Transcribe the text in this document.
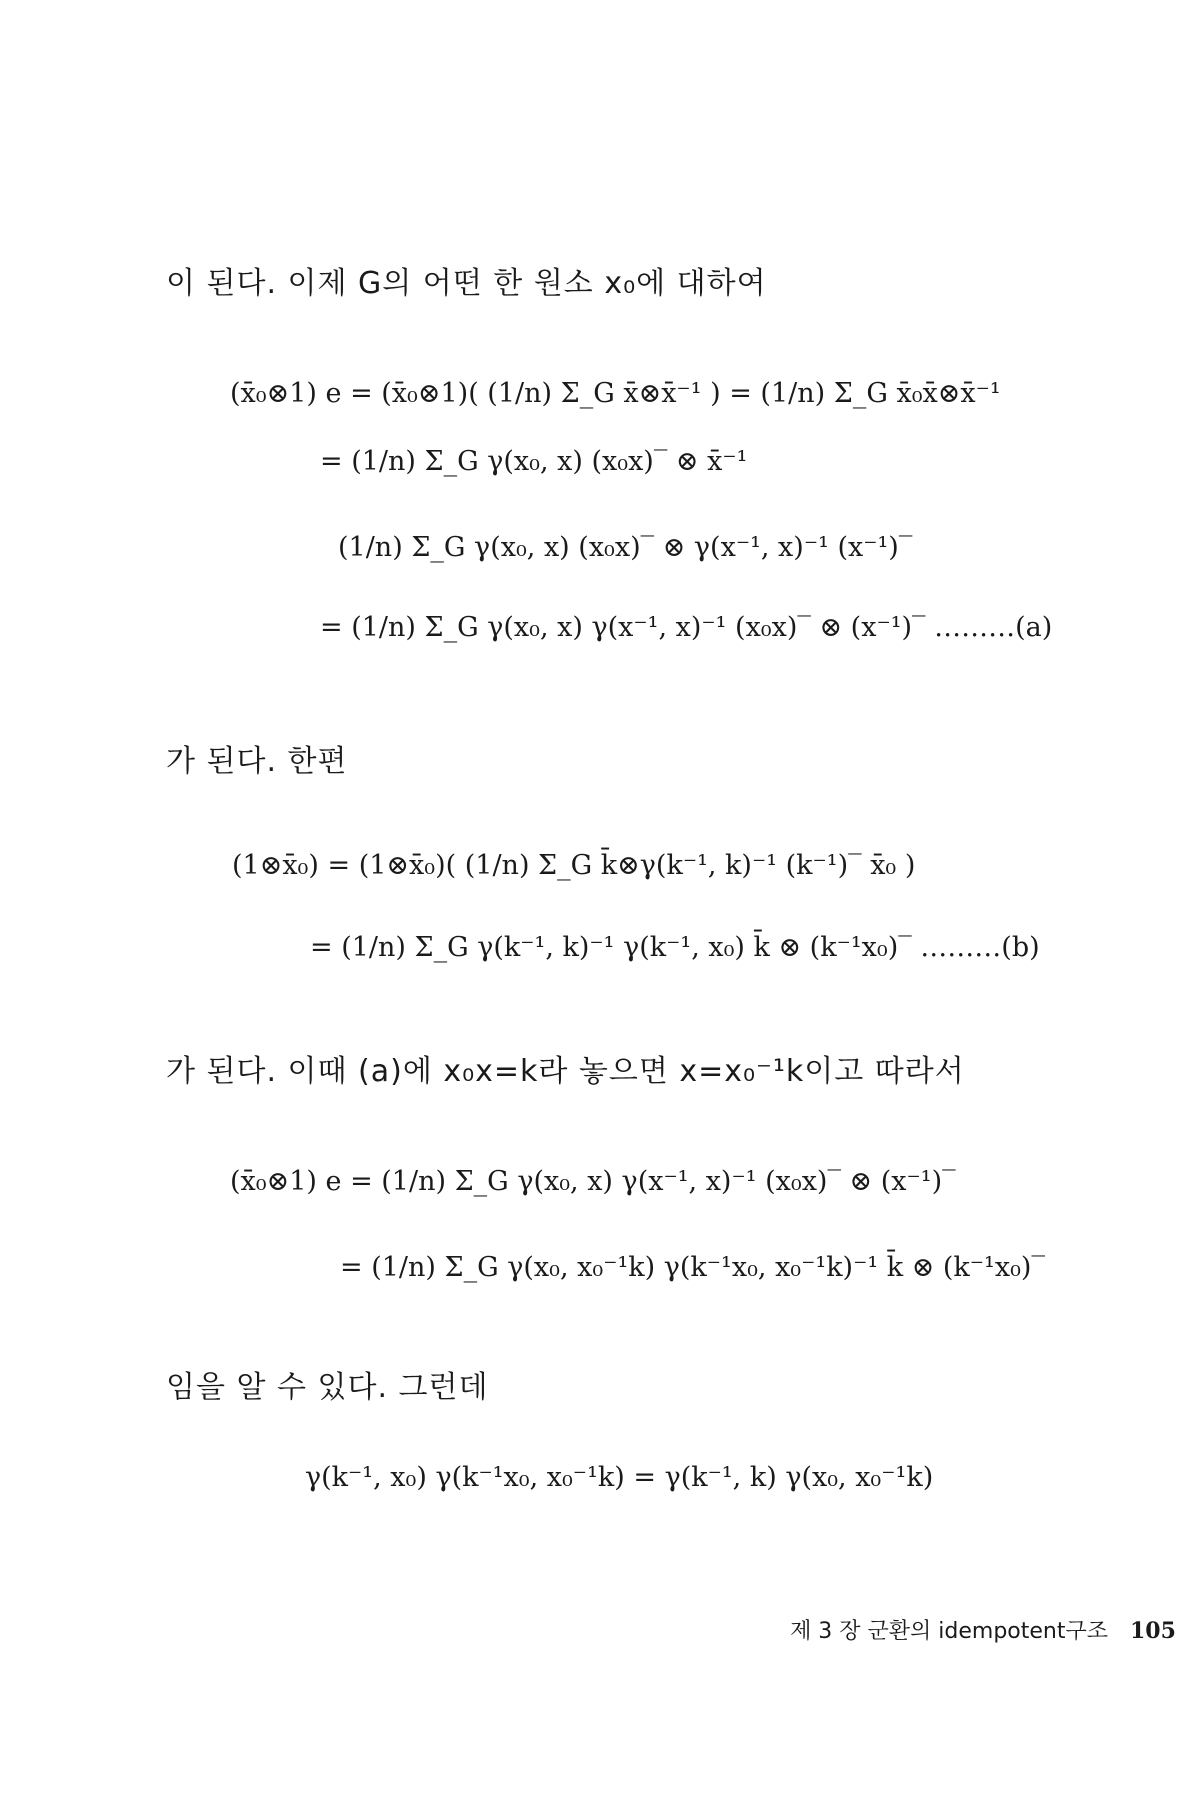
이 된다. 이제 G의 어떤 한 원소 x₀에 대하여
(x̄₀⊗1) e = (x̄₀⊗1)( (1/n) Σ_G x̄⊗x̄⁻¹ ) = (1/n) Σ_G x̄₀x̄⊗x̄⁻¹
= (1/n) Σ_G γ(x₀, x) (x₀x)‾ ⊗ x̄⁻¹
(1/n) Σ_G γ(x₀, x) (x₀x)‾ ⊗ γ(x⁻¹, x)⁻¹ (x⁻¹)‾
= (1/n) Σ_G γ(x₀, x) γ(x⁻¹, x)⁻¹ (x₀x)‾ ⊗ (x⁻¹)‾ ………(a)
가 된다. 한편
(1⊗x̄₀) = (1⊗x̄₀)( (1/n) Σ_G k̄⊗γ(k⁻¹, k)⁻¹ (k⁻¹)‾ x̄₀ )
= (1/n) Σ_G γ(k⁻¹, k)⁻¹ γ(k⁻¹, x₀) k̄ ⊗ (k⁻¹x₀)‾ ………(b)
가 된다. 이때 (a)에 x₀x=k라 놓으면 x=x₀⁻¹k이고 따라서
(x̄₀⊗1) e = (1/n) Σ_G γ(x₀, x) γ(x⁻¹, x)⁻¹ (x₀x)‾ ⊗ (x⁻¹)‾
= (1/n) Σ_G γ(x₀, x₀⁻¹k) γ(k⁻¹x₀, x₀⁻¹k)⁻¹ k̄ ⊗ (k⁻¹x₀)‾
임을 알 수 있다. 그런데
γ(k⁻¹, x₀) γ(k⁻¹x₀, x₀⁻¹k) = γ(k⁻¹, k) γ(x₀, x₀⁻¹k)
제 3 장 군환의 idempotent구조 105
